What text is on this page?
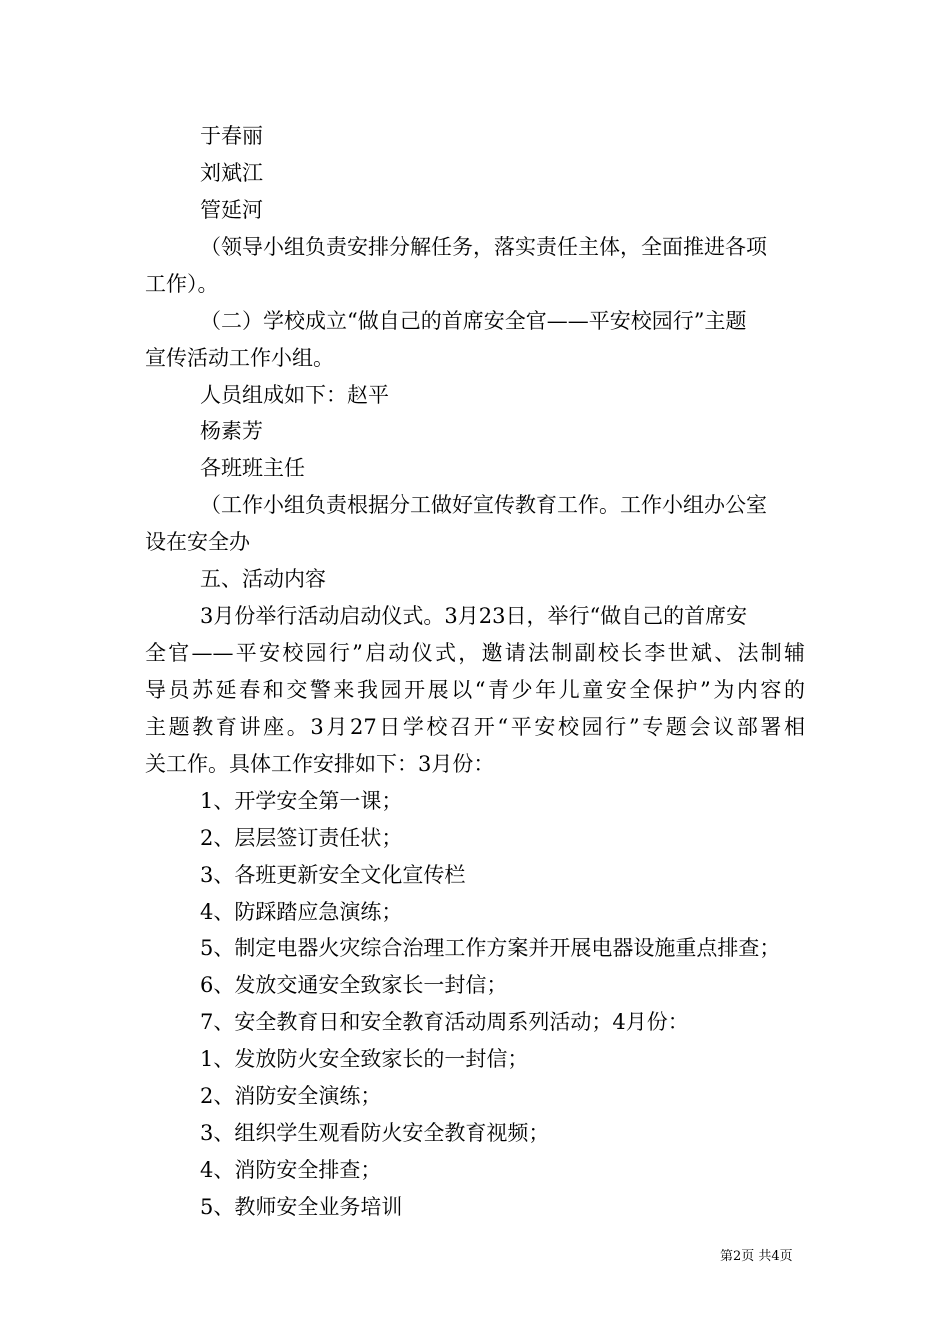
于春丽
刘斌江
管延河
（领导小组负责安排分解任务，落实责任主体，全面推进各项
工作）。
（二）学校成立“做自己的首席安全官——平安校园行”主题
宣传活动工作小组。
人员组成如下：赵平
杨素芳
各班班主任
（工作小组负责根据分工做好宣传教育工作。工作小组办公室
设在安全办
五、活动内容
3月份举行活动启动仪式。3月23日，举行“做自己的首席安
全官——平安校园行”启动仪式，邀请法制副校长李世斌、法制辅
导员苏延春和交警来我园开展以“青少年儿童安全保护”为内容的
主题教育讲座。3月27日学校召开“平安校园行”专题会议部署相
关工作。具体工作安排如下：3月份：
1、开学安全第一课；
2、层层签订责任状；
3、各班更新安全文化宣传栏
4、防踩踏应急演练；
5、制定电器火灾综合治理工作方案并开展电器设施重点排查；
6、发放交通安全致家长一封信；
7、安全教育日和安全教育活动周系列活动；4月份：
1、发放防火安全致家长的一封信；
2、消防安全演练；
3、组织学生观看防火安全教育视频；
4、消防安全排查；
5、教师安全业务培训
第2页 共4页
